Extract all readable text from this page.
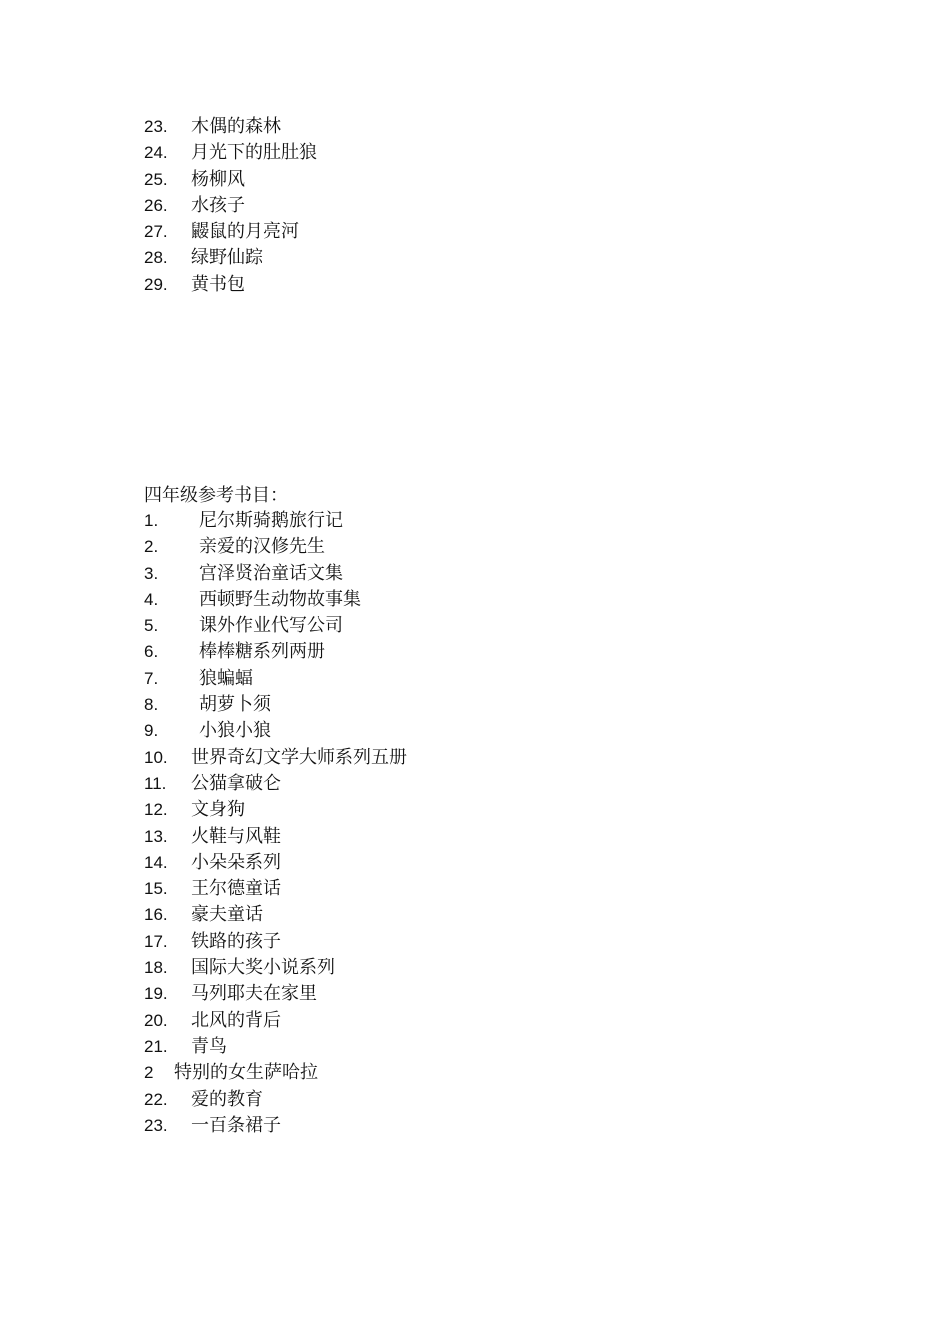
23. 木偶的森林
24. 月光下的肚肚狼
25. 杨柳风
26. 水孩子
27. 鼹鼠的月亮河
28. 绿野仙踪
29. 黄书包
四年级参考书目：
1. 尼尔斯骑鹅旅行记
2. 亲爱的汉修先生
3. 宫泽贤治童话文集
4. 西顿野生动物故事集
5. 课外作业代写公司
6. 棒棒糖系列两册
7. 狼蝙蝠
8. 胡萝卜须
9. 小狼小狼
10. 世界奇幻文学大师系列五册
11. 公猫拿破仑
12. 文身狗
13. 火鞋与风鞋
14. 小朵朵系列
15. 王尔德童话
16. 豪夫童话
17. 铁路的孩子
18. 国际大奖小说系列
19. 马列耶夫在家里
20. 北风的背后
21. 青鸟
2 特别的女生萨哈拉
22. 爱的教育
23. 一百条裙子
